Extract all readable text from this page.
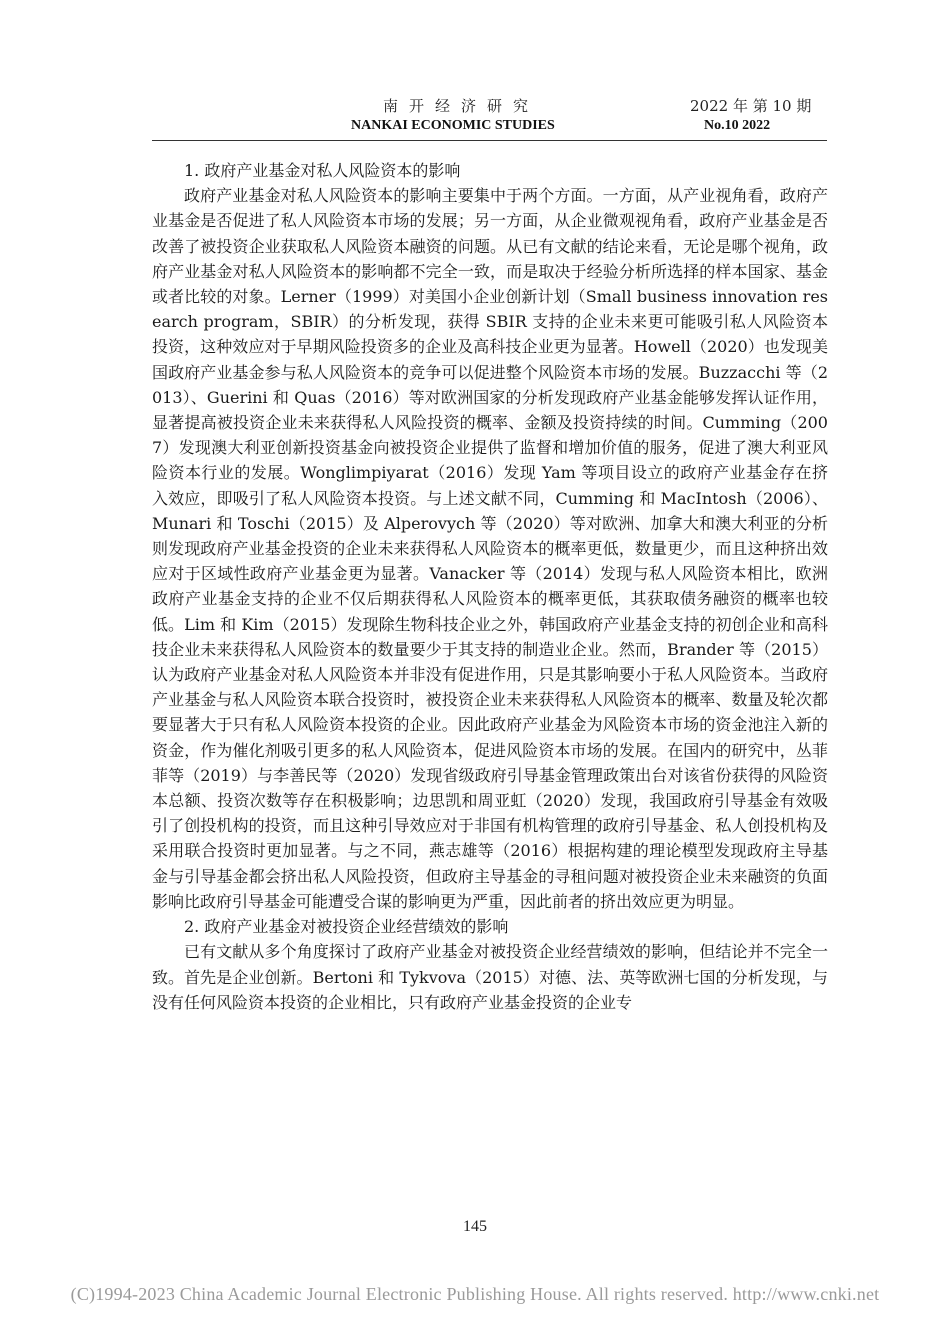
南开经济研究	2022 年 第 10 期
NANKAI ECONOMIC STUDIES	No.10 2022

1. 政府产业基金对私人风险资本的影响

政府产业基金对私人风险资本的影响主要集中于两个方面。一方面，从产业视角看，政府产业基金是否促进了私人风险资本市场的发展；另一方面，从企业微观视角看，政府产业基金是否改善了被投资企业获取私人风险资本融资的问题。从已有文献的结论来看，无论是哪个视角，政府产业基金对私人风险资本的影响都不完全一致，而是取决于经验分析所选择的样本国家、基金或者比较的对象。Lerner（1999）对美国小企业创新计划（Small business innovation research program，SBIR）的分析发现，获得 SBIR 支持的企业未来更可能吸引私人风险资本投资，这种效应对于早期风险投资多的企业及高科技企业更为显著。Howell（2020）也发现美国政府产业基金参与私人风险资本的竞争可以促进整个风险资本市场的发展。Buzzacchi 等（2013）、Guerini 和 Quas（2016）等对欧洲国家的分析发现政府产业基金能够发挥认证作用，显著提高被投资企业未来获得私人风险投资的概率、金额及投资持续的时间。Cumming（2007）发现澳大利亚创新投资基金向被投资企业提供了监督和增加价值的服务，促进了澳大利亚风险资本行业的发展。Wonglimpiyarat（2016）发现 Yam 等项目设立的政府产业基金存在挤入效应，即吸引了私人风险资本投资。与上述文献不同，Cumming 和 MacIntosh（2006）、Munari 和 Toschi（2015）及 Alperovych 等（2020）等对欧洲、加拿大和澳大利亚的分析则发现政府产业基金投资的企业未来获得私人风险资本的概率更低，数量更少，而且这种挤出效应对于区域性政府产业基金更为显著。Vanacker 等（2014）发现与私人风险资本相比，欧洲政府产业基金支持的企业不仅后期获得私人风险资本的概率更低，其获取债务融资的概率也较低。Lim 和 Kim（2015）发现除生物科技企业之外，韩国政府产业基金支持的初创企业和高科技企业未来获得私人风险资本的数量要少于其支持的制造业企业。然而，Brander 等（2015）认为政府产业基金对私人风险资本并非没有促进作用，只是其影响要小于私人风险资本。当政府产业基金与私人风险资本联合投资时，被投资企业未来获得私人风险资本的概率、数量及轮次都要显著大于只有私人风险资本投资的企业。因此政府产业基金为风险资本市场的资金池注入新的资金，作为催化剂吸引更多的私人风险资本，促进风险资本市场的发展。在国内的研究中，丛菲菲等（2019）与李善民等（2020）发现省级政府引导基金管理政策出台对该省份获得的风险资本总额、投资次数等存在积极影响；边思凯和周亚虹（2020）发现，我国政府引导基金有效吸引了创投机构的投资，而且这种引导效应对于非国有机构管理的政府引导基金、私人创投机构及采用联合投资时更加显著。与之不同，燕志雄等（2016）根据构建的理论模型发现政府主导基金与引导基金都会挤出私人风险投资，但政府主导基金的寻租问题对被投资企业未来融资的负面影响比政府引导基金可能遭受合谋的影响更为严重，因此前者的挤出效应更为明显。

2. 政府产业基金对被投资企业经营绩效的影响

已有文献从多个角度探讨了政府产业基金对被投资企业经营绩效的影响，但结论并不完全一致。首先是企业创新。Bertoni 和 Tykvova（2015）对德、法、英等欧洲七国的分析发现，与没有任何风险资本投资的企业相比，只有政府产业基金投资的企业专

145
(C)1994-2023 China Academic Journal Electronic Publishing House. All rights reserved. http://www.cnki.net
